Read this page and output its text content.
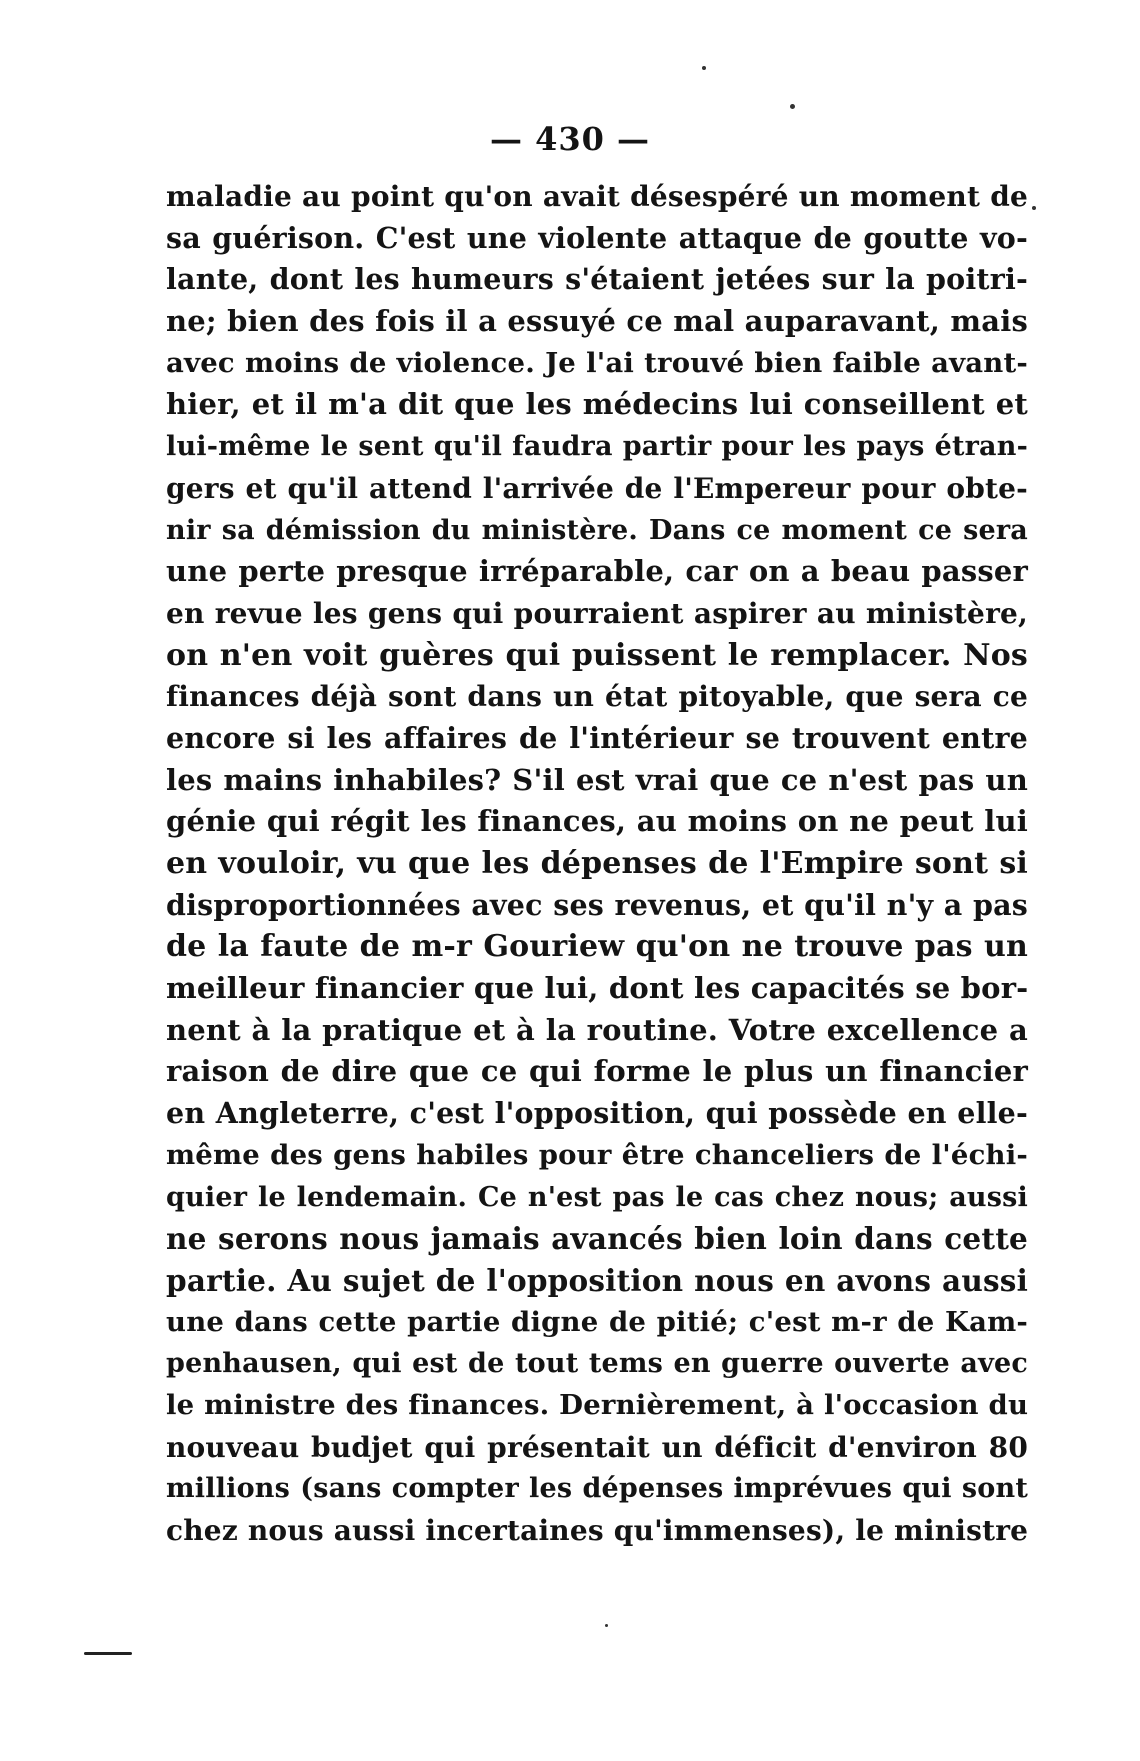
— 430 —
maladie au point qu'on avait désespéré un moment de
sa guérison. C'est une violente attaque de goutte vo-
lante, dont les humeurs s'étaient jetées sur la poitri-
ne; bien des fois il a essuyé ce mal auparavant, mais
avec moins de violence. Je l'ai trouvé bien faible avant-
hier, et il m'a dit que les médecins lui conseillent et
lui-même le sent qu'il faudra partir pour les pays étran-
gers et qu'il attend l'arrivée de l'Empereur pour obte-
nir sa démission du ministère. Dans ce moment ce sera
une perte presque irréparable, car on a beau passer
en revue les gens qui pourraient aspirer au ministère,
on n'en voit guères qui puissent le remplacer. Nos
finances déjà sont dans un état pitoyable, que sera ce
encore si les affaires de l'intérieur se trouvent entre
les mains inhabiles? S'il est vrai que ce n'est pas un
génie qui régit les finances, au moins on ne peut lui
en vouloir, vu que les dépenses de l'Empire sont si
disproportionnées avec ses revenus, et qu'il n'y a pas
de la faute de m-r Gouriew qu'on ne trouve pas un
meilleur financier que lui, dont les capacités se bor-
nent à la pratique et à la routine. Votre excellence a
raison de dire que ce qui forme le plus un financier
en Angleterre, c'est l'opposition, qui possède en elle-
même des gens habiles pour être chanceliers de l'échi-
quier le lendemain. Ce n'est pas le cas chez nous; aussi
ne serons nous jamais avancés bien loin dans cette
partie. Au sujet de l'opposition nous en avons aussi
une dans cette partie digne de pitié; c'est m-r de Kam-
penhausen, qui est de tout tems en guerre ouverte avec
le ministre des finances. Dernièrement, à l'occasion du
nouveau budjet qui présentait un déficit d'environ 80
millions (sans compter les dépenses imprévues qui sont
chez nous aussi incertaines qu'immenses), le ministre
